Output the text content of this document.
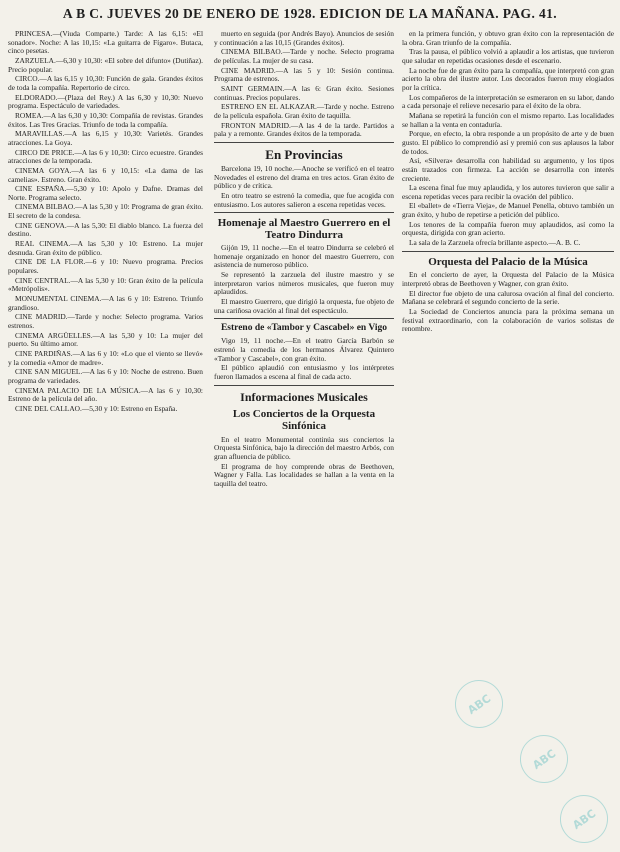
A B C. JUEVES 20 DE ENERO DE 1928. EDICION DE LA MAÑANA. PAG. 41.

PRINCESA.—(Viuda Comparte.) Tarde: A las 6,15: «El sonador». Noche: A las 10,15: «La guitarra de Fígaro». Butaca, cinco pesetas.

ZARZUELA.—6,30 y 10,30: «El sobre del difunto» (Dutiñaz). Precio popular.

CIRCO.—A las 6,15 y 10,30: Función de gala. Grandes éxitos de toda la compañía. Repertorio de circo.

ELDORADO.—(Plaza del Rey.) A las 6,30 y 10,30: Nuevo programa. Espectáculo de variedades.

ROMEA.—A las 6,30 y 10,30: Compañía de revistas. Grandes éxitos. Las Tres Gracias. Triunfo de toda la compañía.

MARAVILLAS.—A las 6,15 y 10,30: Varietés. Grandes atracciones. La Goya.

CIRCO DE PRICE.—A las 6 y 10,30: Circo ecuestre. Grandes atracciones de la temporada.

CINEMA GOYA.—A las 6 y 10,15: «La dama de las camelias». Estreno. Gran éxito.

CINE ESPAÑA.—5,30 y 10: Apolo y Dafne. Dramas del Norte. Programa selecto.

CINEMA BILBAO.—A las 5,30 y 10: Programa de gran éxito. El secreto de la condesa.

CINE GENOVA.—A las 5,30: El diablo blanco. La fuerza del destino.

REAL CINEMA.—A las 5,30 y 10: Estreno. La mujer desnuda. Gran éxito de público.

CINE DE LA FLOR.—6 y 10: Nuevo programa. Precios populares.

CINE CENTRAL.—A las 5,30 y 10: Gran éxito de la película «Metrópolis».

MONUMENTAL CINEMA.—A las 6 y 10: Estreno. Triunfo grandioso.

CINE MADRID.—Tarde y noche: Selecto programa. Varios estrenos.

CINEMA ARGÜELLES.—A las 5,30 y 10: La mujer del puerto. Su último amor.

CINE PARDIÑAS.—A las 6 y 10: «Lo que el viento se llevó» y la comedia «Amor de madre».

CINE SAN MIGUEL.—A las 6 y 10: Noche de estreno. Buen programa de variedades.

CINEMA PALACIO DE LA MÚSICA.—A las 6 y 10,30: Estreno de la película del año.

CINE DEL CALLAO.—5,30 y 10: Estreno en España.

muerto en seguida (por Andrés Bayo). Anuncios de sesión y continuación a las 10,15 (Grandes éxitos).

CINEMA BILBAO.—Tarde y noche. Selecto programa de películas. La mujer de su casa.

CINE MADRID.—A las 5 y 10: Sesión continua. Programa de estrenos.

SAINT GERMAIN.—A las 6: Gran éxito. Sesiones continuas. Precios populares.

ESTRENO EN EL ALKAZAR.—Tarde y noche. Estreno de la película española. Gran éxito de taquilla.

FRONTON MADRID.—A las 4 de la tarde. Partidos a pala y a remonte. Grandes éxitos de la temporada.

En Provincias

Barcelona 19, 10 noche.—Anoche se verificó en el teatro Novedades el estreno del drama en tres actos. Gran éxito de público y de crítica.

En otro teatro se estrenó la comedia, que fue acogida con entusiasmo. Los autores salieron a escena repetidas veces.

Homenaje al Maestro Guerrero en el Teatro Dindurra

Gijón 19, 11 noche.—En el teatro Dindurra se celebró el homenaje organizado en honor del maestro Guerrero, con asistencia de numeroso público.

Se representó la zarzuela del ilustre maestro y se interpretaron varios números musicales, que fueron muy aplaudidos.

El maestro Guerrero, que dirigió la orquesta, fue objeto de una cariñosa ovación al final del espectáculo.

Estreno de «Tambor y Cascabel» en Vigo

Vigo 19, 11 noche.—En el teatro García Barbón se estrenó la comedia de los hermanos Álvarez Quintero «Tambor y Cascabel», con gran éxito.

El público aplaudió con entusiasmo y los intérpretes fueron llamados a escena al final de cada acto.

Informaciones Musicales
Los Conciertos de la Orquesta Sinfónica

En el teatro Monumental continúa sus conciertos la Orquesta Sinfónica, bajo la dirección del maestro Arbós, con gran afluencia de público.

El programa de hoy comprende obras de Beethoven, Wagner y Falla. Las localidades se hallan a la venta en la taquilla del teatro.

en la primera función, y obtuvo gran éxito con la representación de la obra. Gran triunfo de la compañía.

Tras la pausa, el público volvió a aplaudir a los artistas, que tuvieron que saludar en repetidas ocasiones desde el escenario.

La noche fue de gran éxito para la compañía, que interpretó con gran acierto la obra del ilustre autor. Los decorados fueron muy elogiados por la crítica.

Los compañeros de la interpretación se esmeraron en su labor, dando a cada personaje el relieve necesario para el éxito de la obra.

Mañana se repetirá la función con el mismo reparto. Las localidades se hallan a la venta en contaduría.

Porque, en efecto, la obra responde a un propósito de arte y de buen gusto. El público lo comprendió así y premió con sus aplausos la labor de todos.

Así, «Silvera» desarrolla con habilidad su argumento, y los tipos están trazados con firmeza. La acción se desarrolla con interés creciente.

La escena final fue muy aplaudida, y los autores tuvieron que salir a escena repetidas veces para recibir la ovación del público.

El «ballet» de «Tierra Vieja», de Manuel Penella, obtuvo también un gran éxito, y hubo de repetirse a petición del público.

Los tenores de la compañía fueron muy aplaudidos, así como la orquesta, dirigida con gran acierto.

La sala de la Zarzuela ofrecía brillante aspecto.—A. B. C.

Orquesta del Palacio de la Música

En el concierto de ayer, la Orquesta del Palacio de la Música interpretó obras de Beethoven y Wagner, con gran éxito.

El director fue objeto de una calurosa ovación al final del concierto. Mañana se celebrará el segundo concierto de la serie.

La Sociedad de Conciertos anuncia para la próxima semana un festival extraordinario, con la colaboración de varios solistas de renombre.

ABC
ABC
ABC
